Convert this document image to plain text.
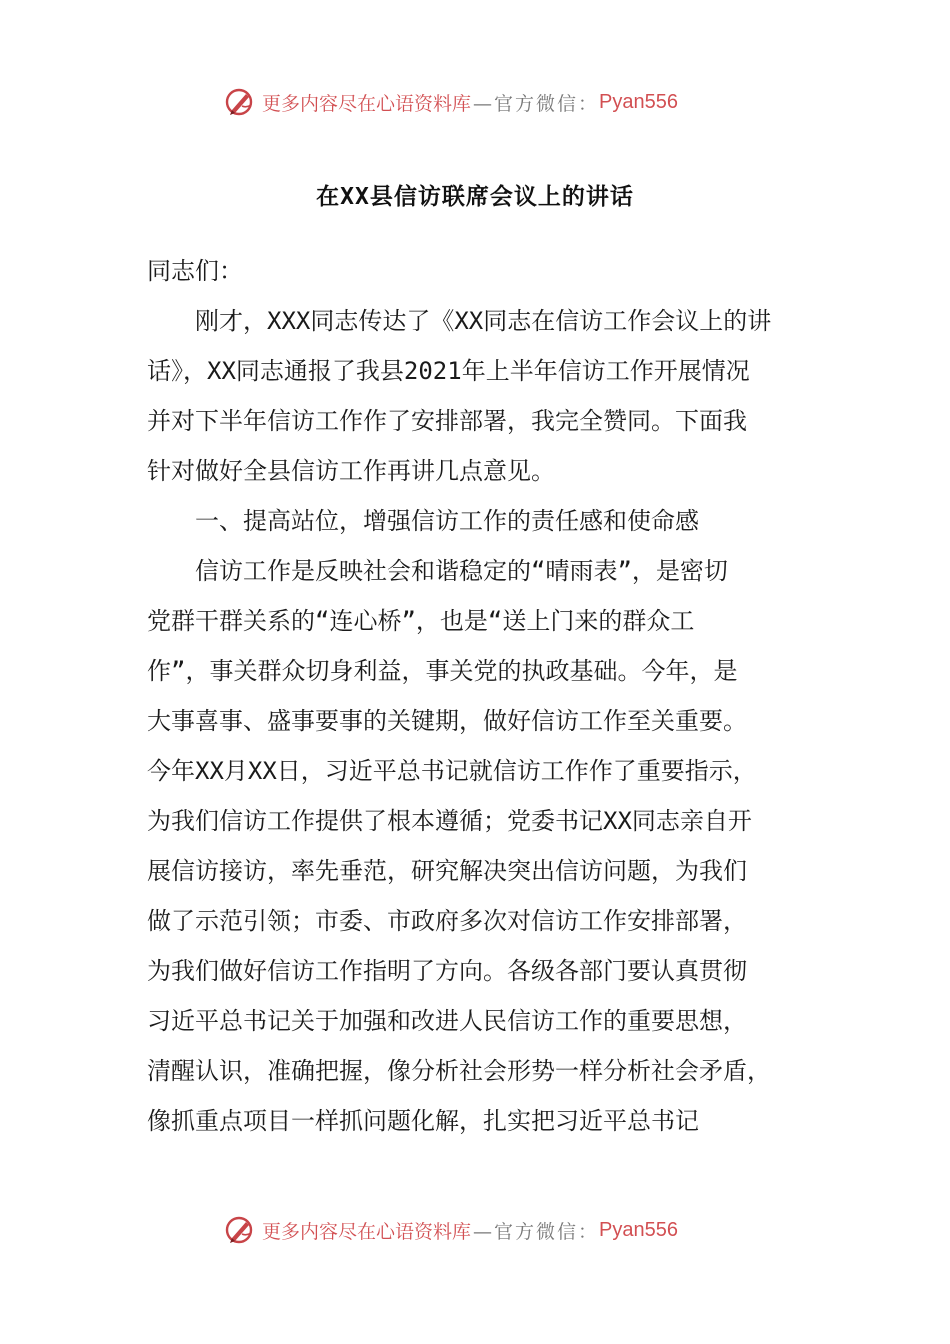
更多内容尽在心语资料库 —官方微信： Pyan556
在XX县信访联席会议上的讲话
同志们：
　　刚才，XXX同志传达了《XX同志在信访工作会议上的讲
话》，XX同志通报了我县2021年上半年信访工作开展情况
并对下半年信访工作作了安排部署，我完全赞同。下面我
针对做好全县信访工作再讲几点意见。
　　一、提高站位，增强信访工作的责任感和使命感
　　信访工作是反映社会和谐稳定的“晴雨表”，是密切
党群干群关系的“连心桥”，也是“送上门来的群众工
作”，事关群众切身利益，事关党的执政基础。今年，是
大事喜事、盛事要事的关键期，做好信访工作至关重要。
今年XX月XX日，习近平总书记就信访工作作了重要指示，
为我们信访工作提供了根本遵循；党委书记XX同志亲自开
展信访接访，率先垂范，研究解决突出信访问题，为我们
做了示范引领；市委、市政府多次对信访工作安排部署，
为我们做好信访工作指明了方向。各级各部门要认真贯彻
习近平总书记关于加强和改进人民信访工作的重要思想，
清醒认识，准确把握，像分析社会形势一样分析社会矛盾，
像抓重点项目一样抓问题化解，扎实把习近平总书记
更多内容尽在心语资料库 —官方微信： Pyan556
